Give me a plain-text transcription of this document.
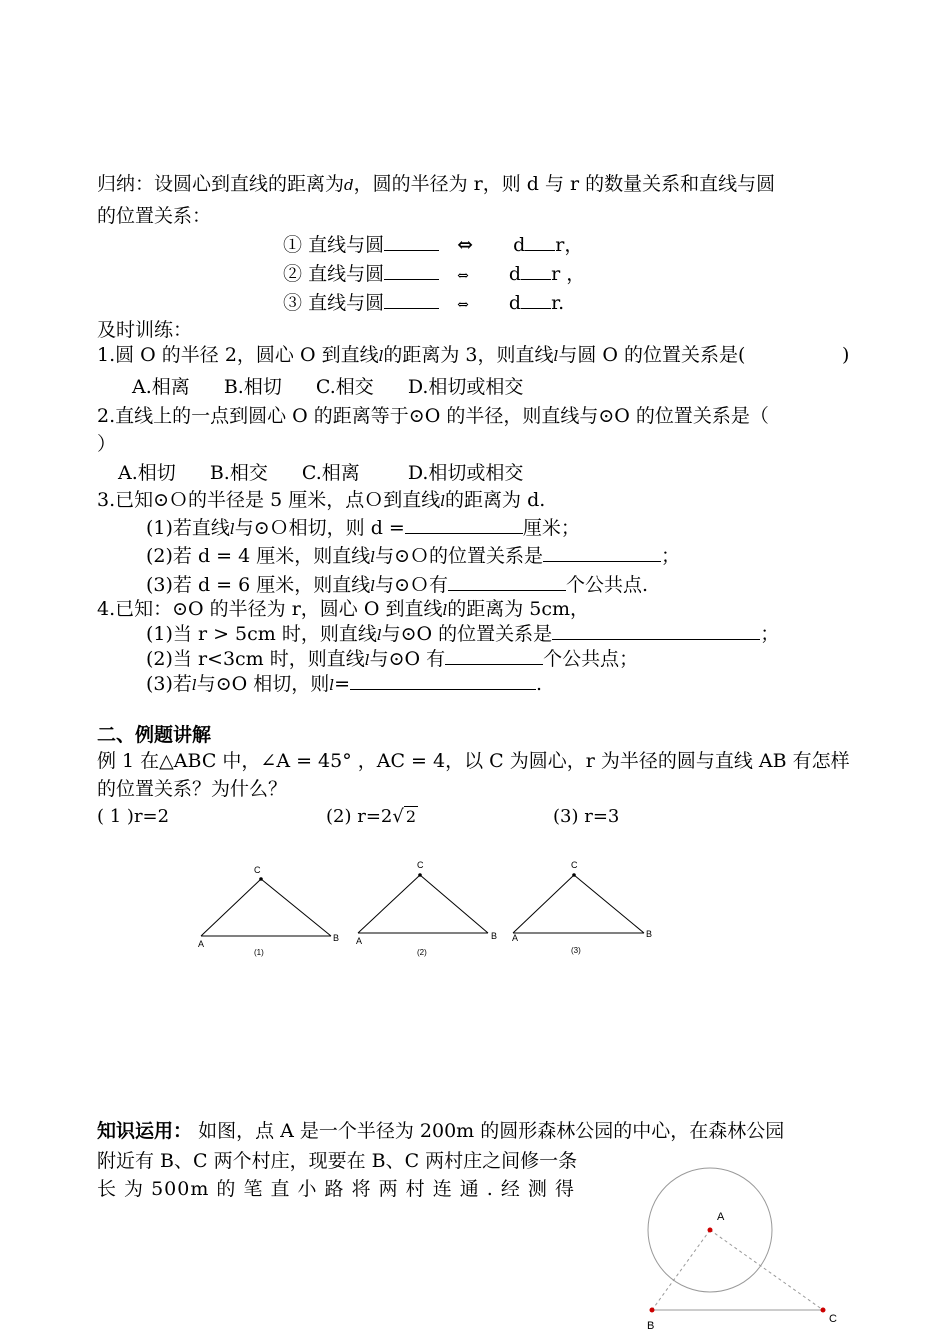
归纳：设圆心到直线的距离为d，圆的半径为 r，则 d 与 r 的数量关系和直线与圆
的位置关系：
① 直线与圆	⇔ d r，
② 直线与圆	⇔ d r ，
③ 直线与圆	⇔ d r.
及时训练：
1.圆 O 的半径 2，圆心 O 到直线l的距离为 3，则直线l与圆 O 的位置关系是(	)
A.相离 B.相切 C.相交 D.相切或相交
2.直线上的一点到圆心 O 的距离等于⊙O 的半径，则直线与⊙O 的位置关系是（
）
A.相切 B.相交 C.相离	D.相切或相交
3.已知⊙Ｏ的半径是 5 厘米，点Ｏ到直线l的距离为 d.
(1)若直线l与⊙Ｏ相切，则 d =	厘米；
(2)若 d = 4 厘米，则直线l与⊙Ｏ的位置关系是	；
(3)若 d = 6 厘米，则直线l与⊙Ｏ有	个公共点.
4.已知：⊙O 的半径为 r，圆心 O 到直线l的距离为 5cm，
(1)当 r > 5cm 时，则直线l与⊙O 的位置关系是	；
(2)当 r<3cm 时，则直线l与⊙O 有	个公共点；
(3)若l与⊙O 相切，则l=	.
二、例题讲解
例 1 在△ABC 中，∠A = 45° ，AC = 4，以 C 为圆心，r 为半径的圆与直线 AB 有怎样
的位置关系？为什么？
( 1 )r=2	(2) r=2√ 2	(3) r=3
C
A
B
(1)
C
A	B
(2)
C
A	B
(3)
知识运用： 如图，点 A 是一个半径为 200m 的圆形森林公园的中心，在森林公园
附近有 B、C 两个村庄，现要在 B、C 两村庄之间修一条
长 为 500m 的 笔 直 小 路 将 两 村 连 通 . 经 测 得
A
B
C
